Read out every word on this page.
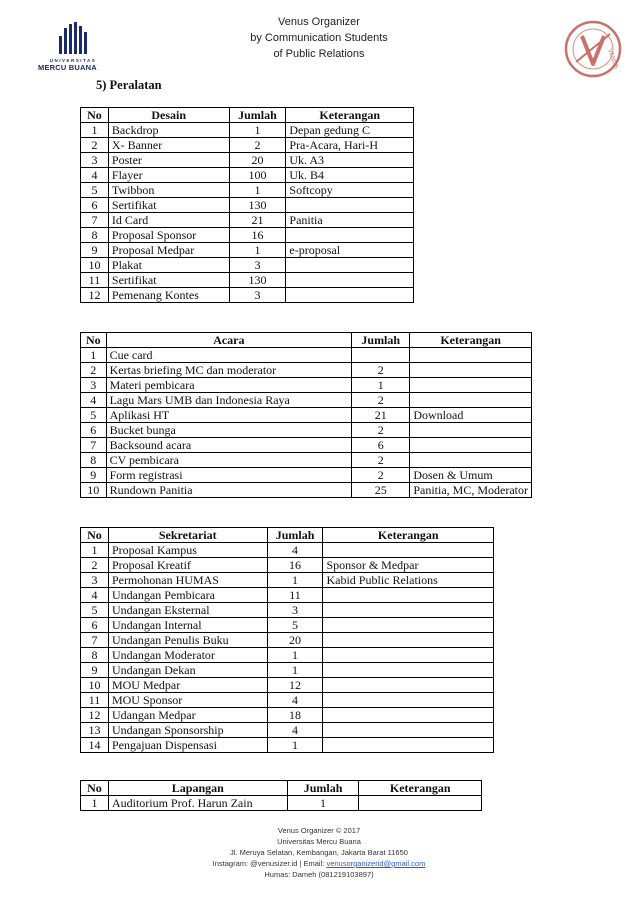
UNIVERSITAS
MERCU BUANA
Venus Organizer
by Communication Students
of Public Relations	VENUS
5) Peralatan
No	Desain	Jumlah	Keterangan
1	Backdrop	1	Depan gedung C
2	X- Banner	2	Pra-Acara, Hari-H
3	Poster	20	Uk. A3
4	Flayer	100	Uk. B4
5	Twibbon	1	Softcopy
6	Sertifikat	130	
7	Id Card	21	Panitia
8	Proposal Sponsor	16	
9	Proposal Medpar	1	e-proposal
10	Plakat	3	
11	Sertifikat	130	
12	Pemenang Kontes	3	
No	Acara	Jumlah	Keterangan
1	Cue card		
2	Kertas briefing MC dan moderator	2	
3	Materi pembicara	1	
4	Lagu Mars UMB dan Indonesia Raya	2	
5	Aplikasi HT	21	Download
6	Bucket bunga	2	
7	Backsound acara	6	
8	CV pembicara	2	
9	Form registrasi	2	Dosen & Umum
10	Rundown Panitia	25	Panitia, MC, Moderator
No	Sekretariat	Jumlah	Keterangan
1	Proposal Kampus	4	
2	Proposal Kreatif	16	Sponsor & Medpar
3	Permohonan HUMAS	1	Kabid Public Relations
4	Undangan Pembicara	11	
5	Undangan Eksternal	3	
6	Undangan Internal	5	
7	Undangan Penulis Buku	20	
8	Undangan Moderator	1	
9	Undangan Dekan	1	
10	MOU Medpar	12	
11	MOU Sponsor	4	
12	Udangan Medpar	18	
13	Undangan Sponsorship	4	
14	Pengajuan Dispensasi	1	
No	Lapangan	Jumlah	Keterangan
1	Auditorium Prof. Harun Zain	1	
Venus Organizer © 2017
Universitas Mercu Buana
Jl. Meruya Selatan, Kembangan, Jakarta Barat 11650
Instagram: @venusizer.id | Email: venusorganizerid@gmail.com
Humas: Dameh (081219103897)
